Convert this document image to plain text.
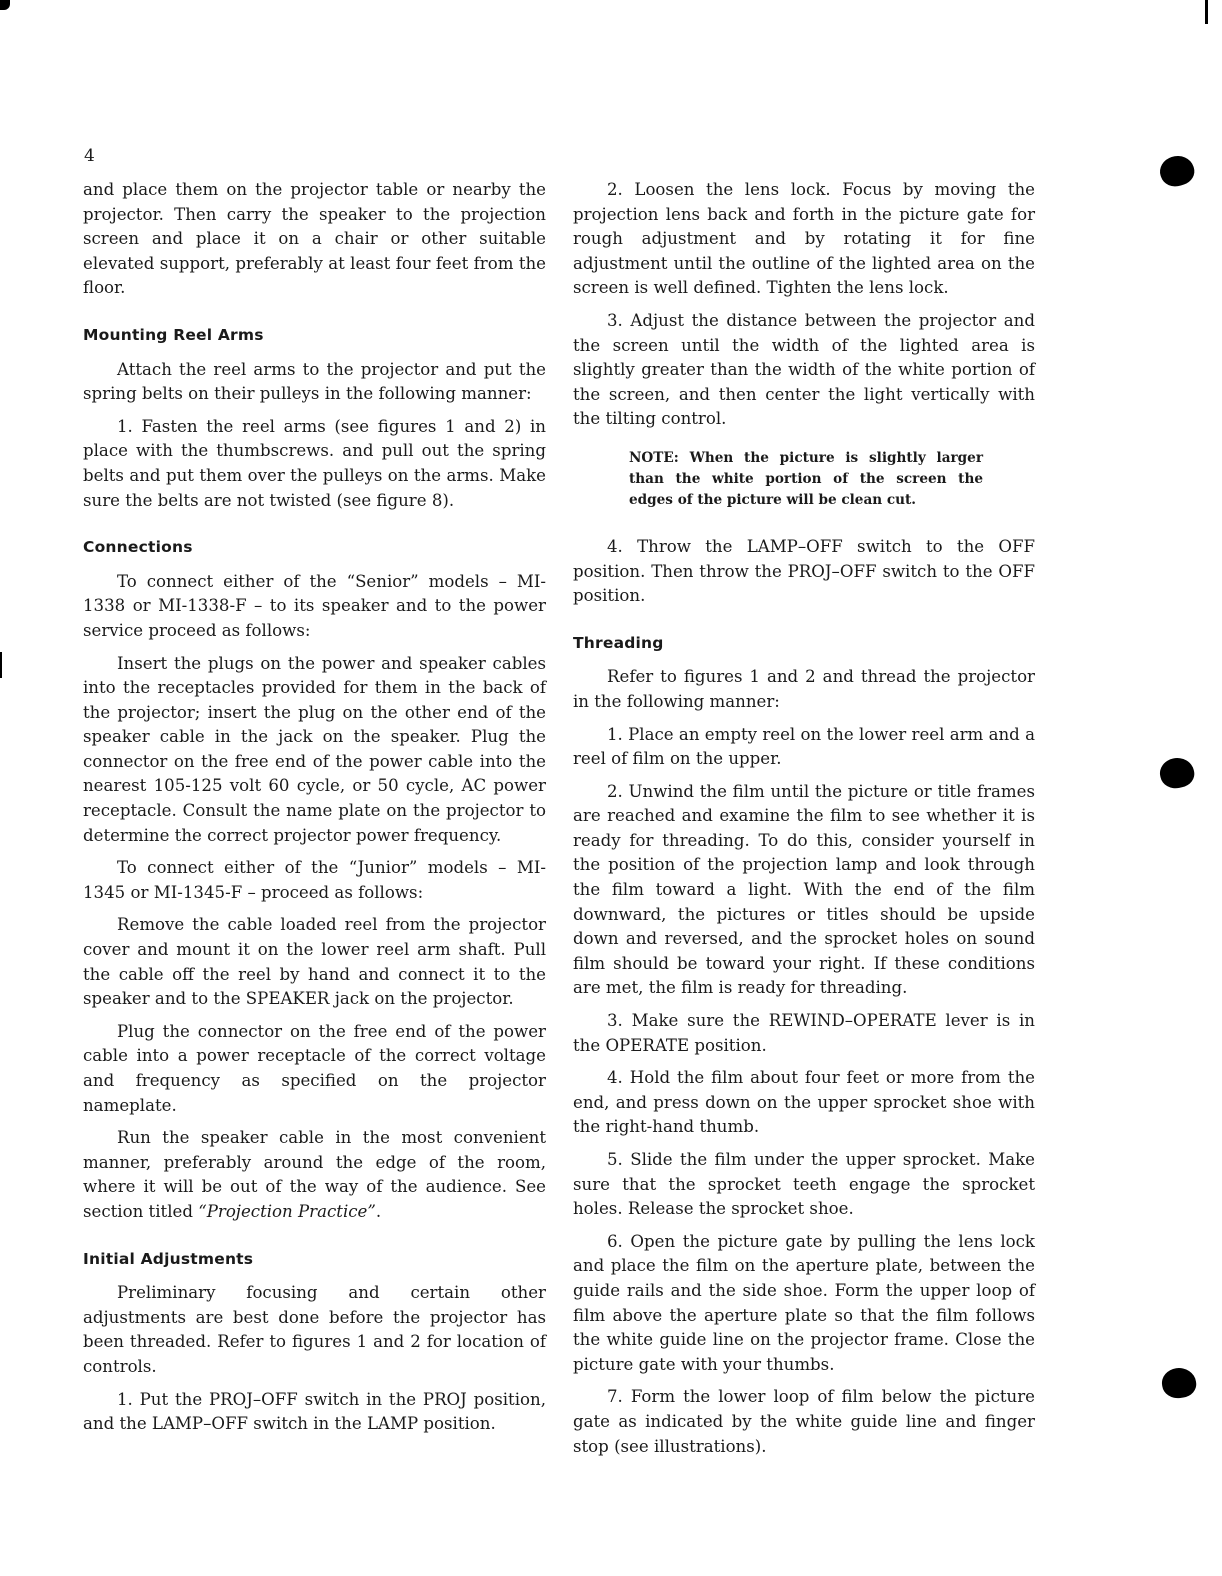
4

and place them on the projector table or nearby the projector. Then carry the speaker to the projection screen and place it on a chair or other suitable elevated support, preferably at least four feet from the floor.

Mounting Reel Arms

Attach the reel arms to the projector and put the spring belts on their pulleys in the following manner:

1. Fasten the reel arms (see figures 1 and 2) in place with the thumbscrews. and pull out the spring belts and put them over the pulleys on the arms. Make sure the belts are not twisted (see figure 8).

Connections

To connect either of the “Senior” models – MI-1338 or MI-1338-F – to its speaker and to the power service proceed as follows:

Insert the plugs on the power and speaker cables into the receptacles provided for them in the back of the projector; insert the plug on the other end of the speaker cable in the jack on the speaker. Plug the connector on the free end of the power cable into the nearest 105-125 volt 60 cycle, or 50 cycle, AC power receptacle. Consult the name plate on the projector to determine the correct projector power frequency.

To connect either of the “Junior” models – MI-1345 or MI-1345-F – proceed as follows:

Remove the cable loaded reel from the projector cover and mount it on the lower reel arm shaft. Pull the cable off the reel by hand and connect it to the speaker and to the SPEAKER jack on the projector.

Plug the connector on the free end of the power cable into a power receptacle of the correct voltage and frequency as specified on the projector nameplate.

Run the speaker cable in the most convenient manner, preferably around the edge of the room, where it will be out of the way of the audience. See section titled “Projection Practice”.

Initial Adjustments

Preliminary focusing and certain other adjustments are best done before the projector has been threaded. Refer to figures 1 and 2 for location of controls.

1. Put the PROJ–OFF switch in the PROJ position, and the LAMP–OFF switch in the LAMP position.

2. Loosen the lens lock. Focus by moving the projection lens back and forth in the picture gate for rough adjustment and by rotating it for fine adjustment until the outline of the lighted area on the screen is well defined. Tighten the lens lock.

3. Adjust the distance between the projector and the screen until the width of the lighted area is slightly greater than the width of the white portion of the screen, and then center the light vertically with the tilting control.

NOTE: When the picture is slightly larger than the white portion of the screen the edges of the picture will be clean cut.

4. Throw the LAMP–OFF switch to the OFF position. Then throw the PROJ–OFF switch to the OFF position.

Threading

Refer to figures 1 and 2 and thread the projector in the following manner:

1. Place an empty reel on the lower reel arm and a reel of film on the upper.

2. Unwind the film until the picture or title frames are reached and examine the film to see whether it is ready for threading. To do this, consider yourself in the position of the projection lamp and look through the film toward a light. With the end of the film downward, the pictures or titles should be upside down and reversed, and the sprocket holes on sound film should be toward your right. If these conditions are met, the film is ready for threading.

3. Make sure the REWIND–OPERATE lever is in the OPERATE position.

4. Hold the film about four feet or more from the end, and press down on the upper sprocket shoe with the right-hand thumb.

5. Slide the film under the upper sprocket. Make sure that the sprocket teeth engage the sprocket holes. Release the sprocket shoe.

6. Open the picture gate by pulling the lens lock and place the film on the aperture plate, between the guide rails and the side shoe. Form the upper loop of film above the aperture plate so that the film follows the white guide line on the projector frame. Close the picture gate with your thumbs.

7. Form the lower loop of film below the picture gate as indicated by the white guide line and finger stop (see illustrations).
